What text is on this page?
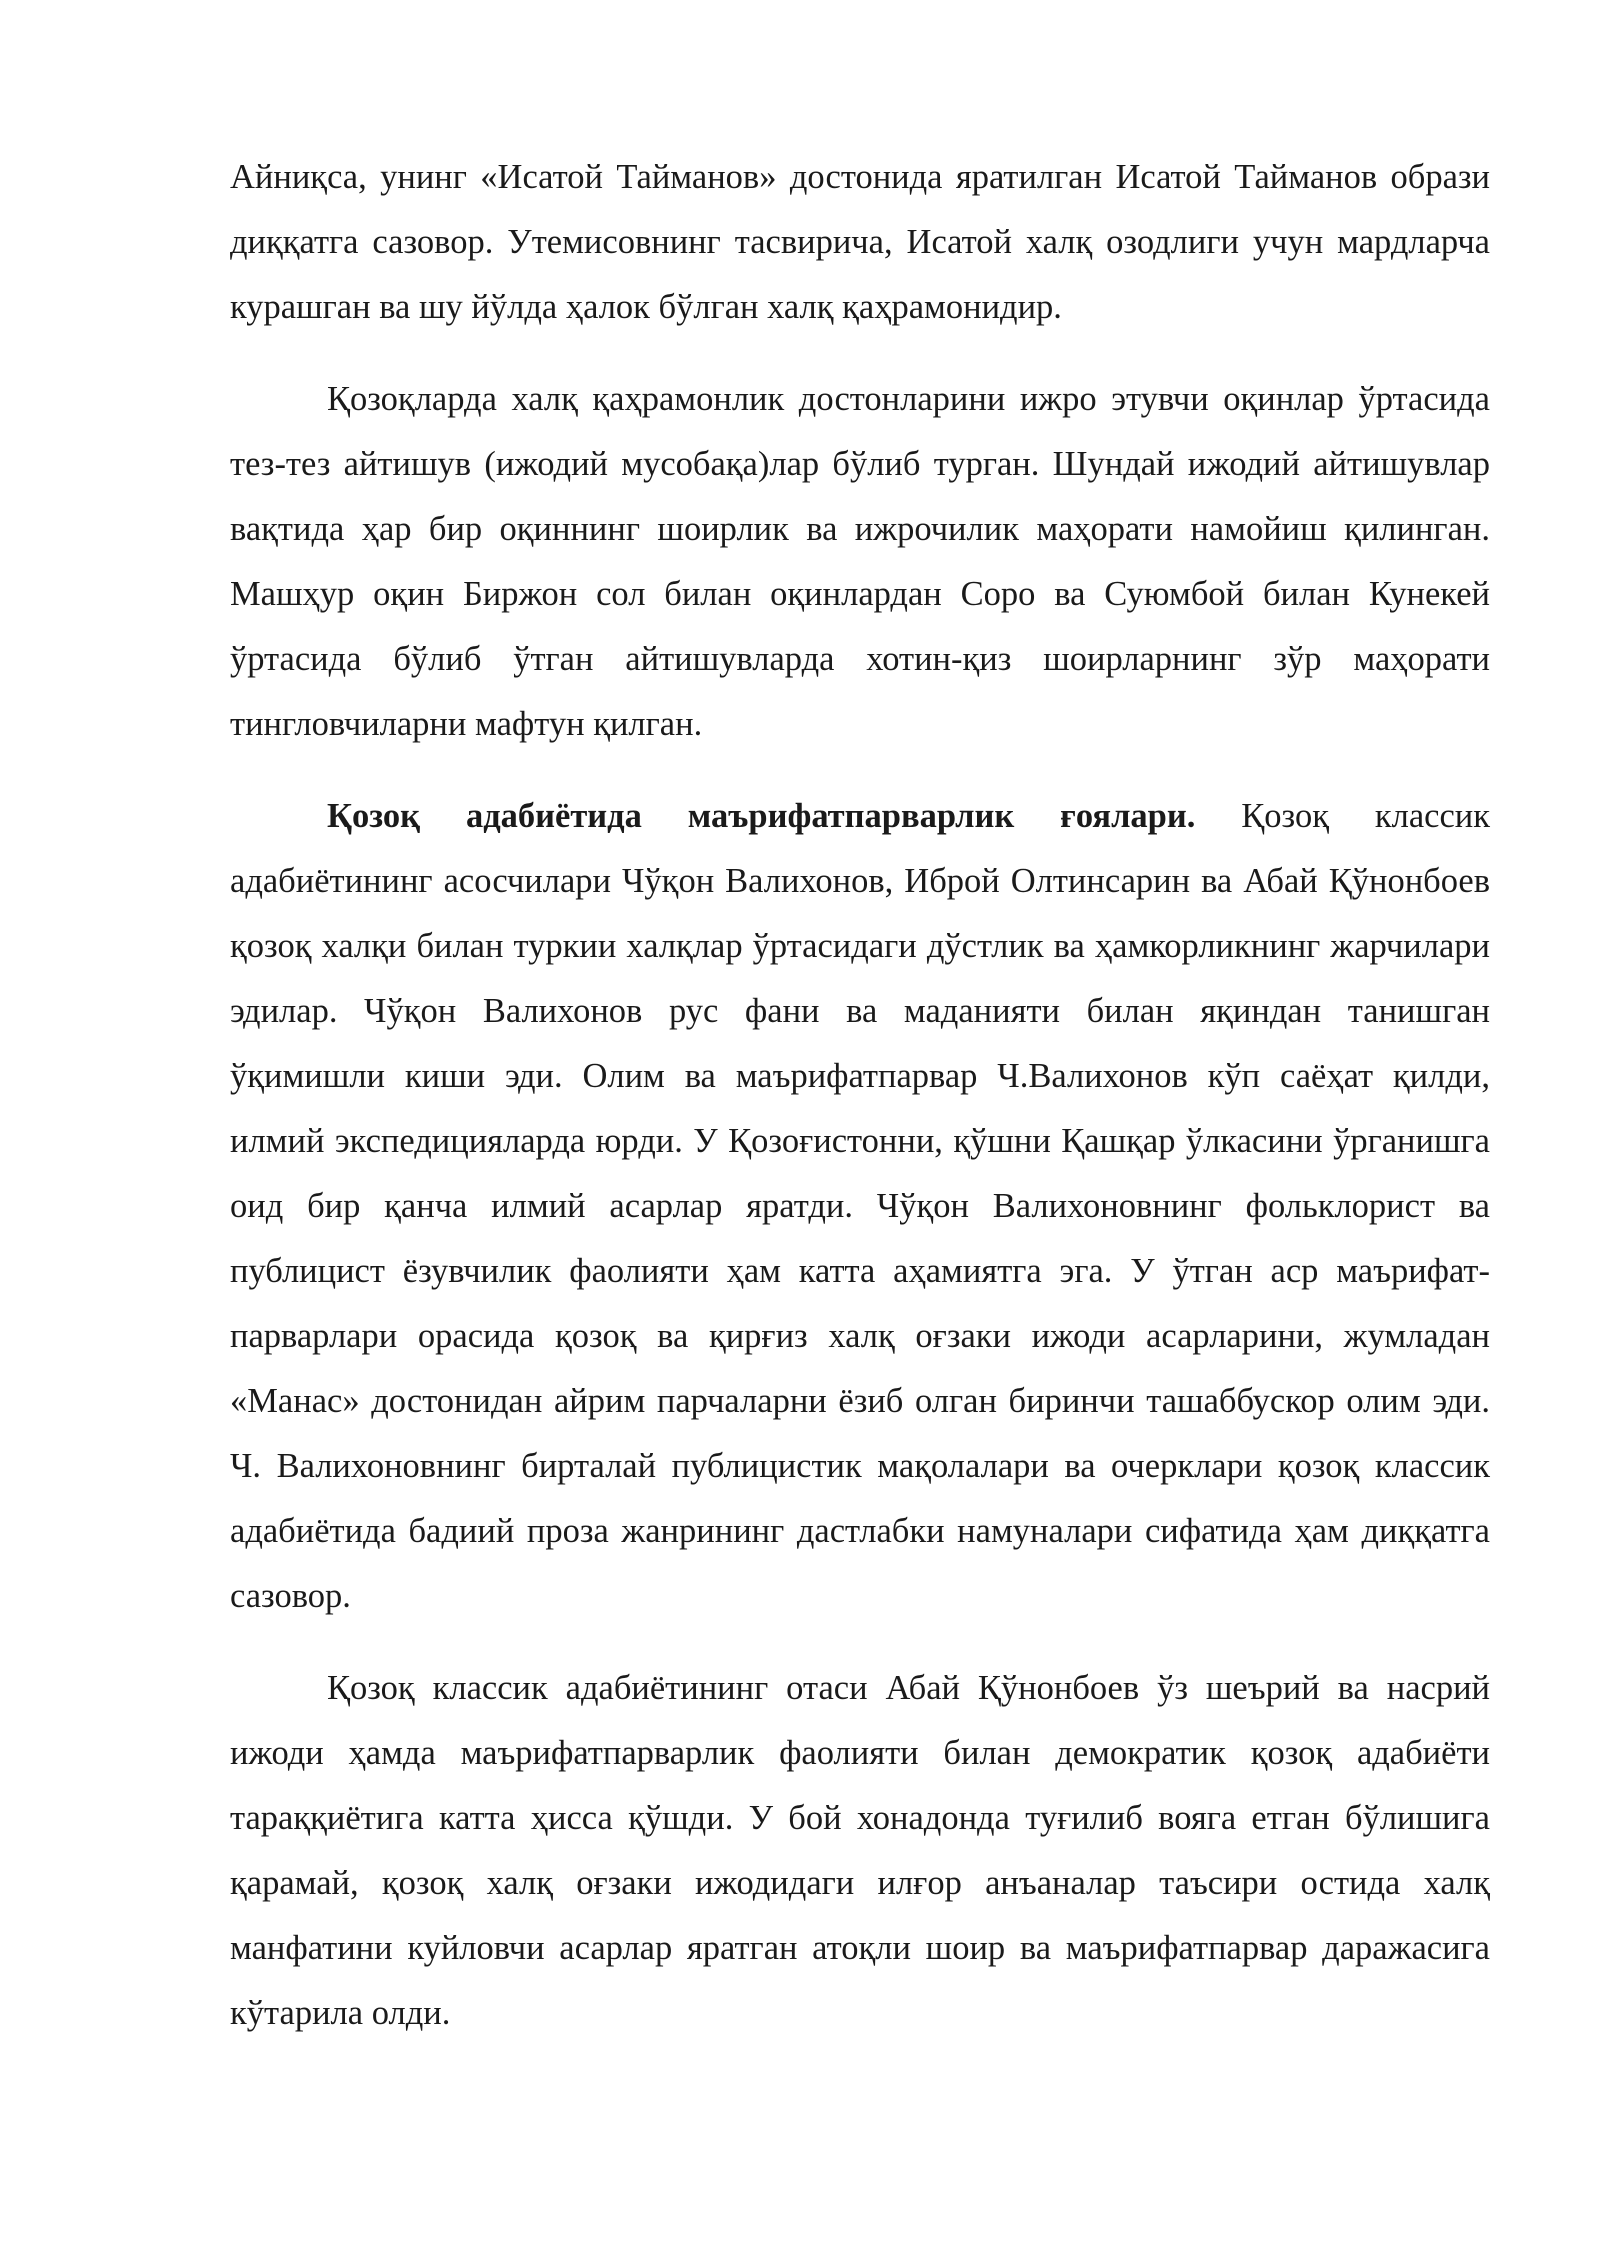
Айниқса, унинг «Исатой Тайманов» достонида яратилган Исатой Тайманов образи диққатга сазовор. Утемисовнинг тасвирича, Исатой халқ озодлиги учун мардларча курашган ва шу йўлда ҳалок бўлган халқ қаҳрамонидир.

Қозоқларда халқ қаҳрамонлик достонларини ижро этувчи оқинлар ўртасида тез-тез айтишув (ижодий мусобақа)лар бўлиб турган. Шундай ижодий айтишувлар вақтида ҳар бир оқиннинг шоирлик ва ижрочилик маҳорати намойиш қилинган. Машҳур оқин Биржон сол билан оқинлардан Соро ва Суюмбой билан Кунекей ўртасида бўлиб ўтган айтишувларда хотин-қиз шоирларнинг зўр маҳорати тингловчиларни мафтун қилган.

Қозоқ адабиётида маърифатпарварлик ғоялари. Қозоқ классик адабиётининг асосчилари Чўқон Валихонов, Иброй Олтинсарин ва Абай Қўнонбоев қозоқ халқи билан туркии халқлар ўртасидаги дўстлик ва ҳамкорликнинг жарчилари эдилар. Чўқон Валихонов рус фани ва маданияти билан яқиндан танишган ўқимишли киши эди. Олим ва маърифатпарвар Ч.Валихонов кўп саёҳат қилди, илмий экспедицияларда юрди. У Қозоғистонни, қўшни Қашқар ўлкасини ўрганишга оид бир қанча илмий асарлар яратди. Чўқон Валихоновнинг фольклорист ва публицист ёзувчилик фаолияти ҳам катта аҳамиятга эга. У ўтган аср маърифат-парварлари орасида қозоқ ва қирғиз халқ оғзаки ижоди асарларини, жумладан «Манас» достонидан айрим парчаларни ёзиб олган биринчи ташаббускор олим эди. Ч. Валихоновнинг бирталай публицистик мақолалари ва очерклари қозоқ классик адабиётида бадиий проза жанрининг дастлабки намуналари сифатида ҳам диққатга сазовор.

Қозоқ классик адабиётининг отаси Абай Қўнонбоев ўз шеърий ва насрий ижоди ҳамда маърифатпарварлик фаолияти билан демократик қозоқ адабиёти тараққиётига катта ҳисса қўшди. У бой хонадонда туғилиб вояга етган бўлишига қарамай, қозоқ халқ оғзаки ижодидаги илғор анъаналар таъсири остида халқ манфатини куйловчи асарлар яратган атоқли шоир ва маърифатпарвар даражасига кўтарила олди.
